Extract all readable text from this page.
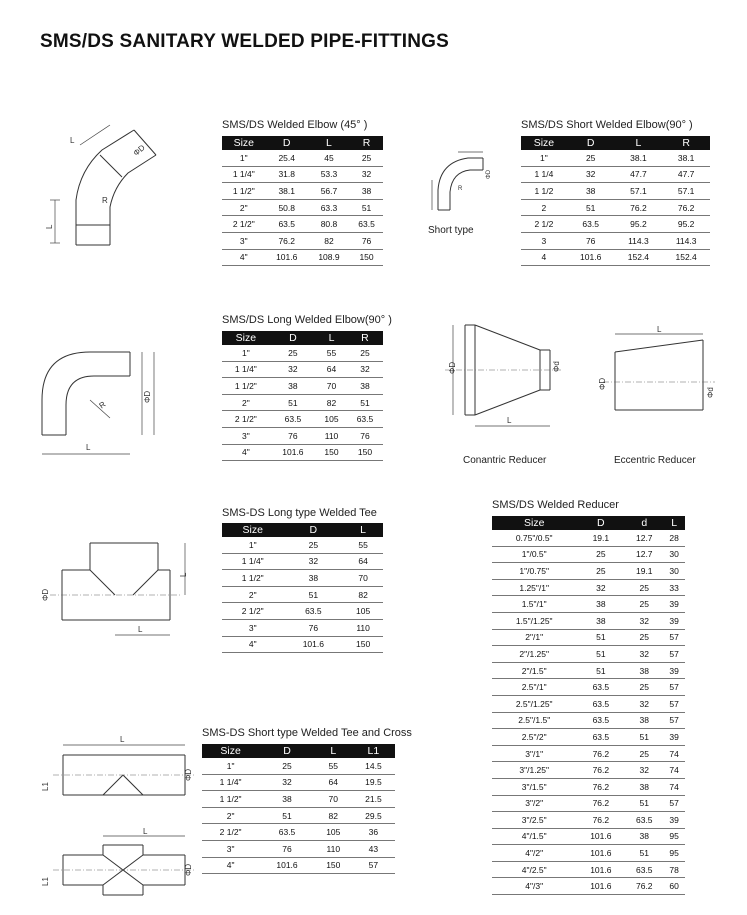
SMS/DS SANITARY WELDED PIPE-FITTINGS
SMS/DS Welded Elbow (45° )	SMS/DS Short Welded Elbow(90° )
SMS/DS Long Welded Elbow(90° )
SMS-DS Long type Welded Tee
SMS-DS Short type Welded Tee and Cross
SMS/DS Welded Reducer
Size	D	L	R
1"	25.4	45	25
1 1/4"	31.8	53.3	32
1 1/2"	38.1	56.7	38
2"	50.8	63.3	51
2 1/2"	63.5	80.8	63.5
3"	76.2	82	76
4"	101.6	108.9	150
Size	D	L	R
1"	25	38.1	38.1
1 1/4	32	47.7	47.7
1 1/2	38	57.1	57.1
2	51	76.2	76.2
2 1/2	63.5	95.2	95.2
3	76	114.3	114.3
4	101.6	152.4	152.4
Size	D	L	R
1"	25	55	25
1 1/4"	32	64	32
1 1/2"	38	70	38
2"	51	82	51
2 1/2"	63.5	105	63.5
3"	76	110	76
4"	101.6	150	150
Size	D	L
1"	25	55
1 1/4"	32	64
1 1/2"	38	70
2"	51	82
2 1/2"	63.5	105
3"	76	110
4"	101.6	150
Size	D	L	L1
1"	25	55	14.5
1 1/4"	32	64	19.5
1 1/2"	38	70	21.5
2"	51	82	29.5
2 1/2"	63.5	105	36
3"	76	110	43
4"	101.6	150	57
Size	D	d	L
0.75"/0.5"	19.1	12.7	28
1"/0.5"	25	12.7	30
1"/0.75"	25	19.1	30
1.25"/1"	32	25	33
1.5"/1"	38	25	39
1.5"/1.25"	38	32	39
2"/1"	51	25	57
2"/1.25"	51	32	57
2"/1.5"	51	38	39
2.5"/1"	63.5	25	57
2.5"/1.25"	63.5	32	57
2.5"/1.5"	63.5	38	57
2.5"/2"	63.5	51	39
3"/1"	76.2	25	74
3"/1.25"	76.2	32	74
3"/1.5"	76.2	38	74
3"/2"	76.2	51	57
3"/2.5"	76.2	63.5	39
4"/1.5"	101.6	38	95
4"/2"	101.6	51	95
4"/2.5"	101.6	63.5	78
4"/3"	101.6	76.2	60
Short type
Conantric Reducer	Eccentric Reducer
L
L
ΦD
R
ΦD
R
R
ΦD
L
ΦD	Φd
L
L
ΦD
Φd
L
ΦD
L
L
L1
ΦD
L
L1
ΦD
